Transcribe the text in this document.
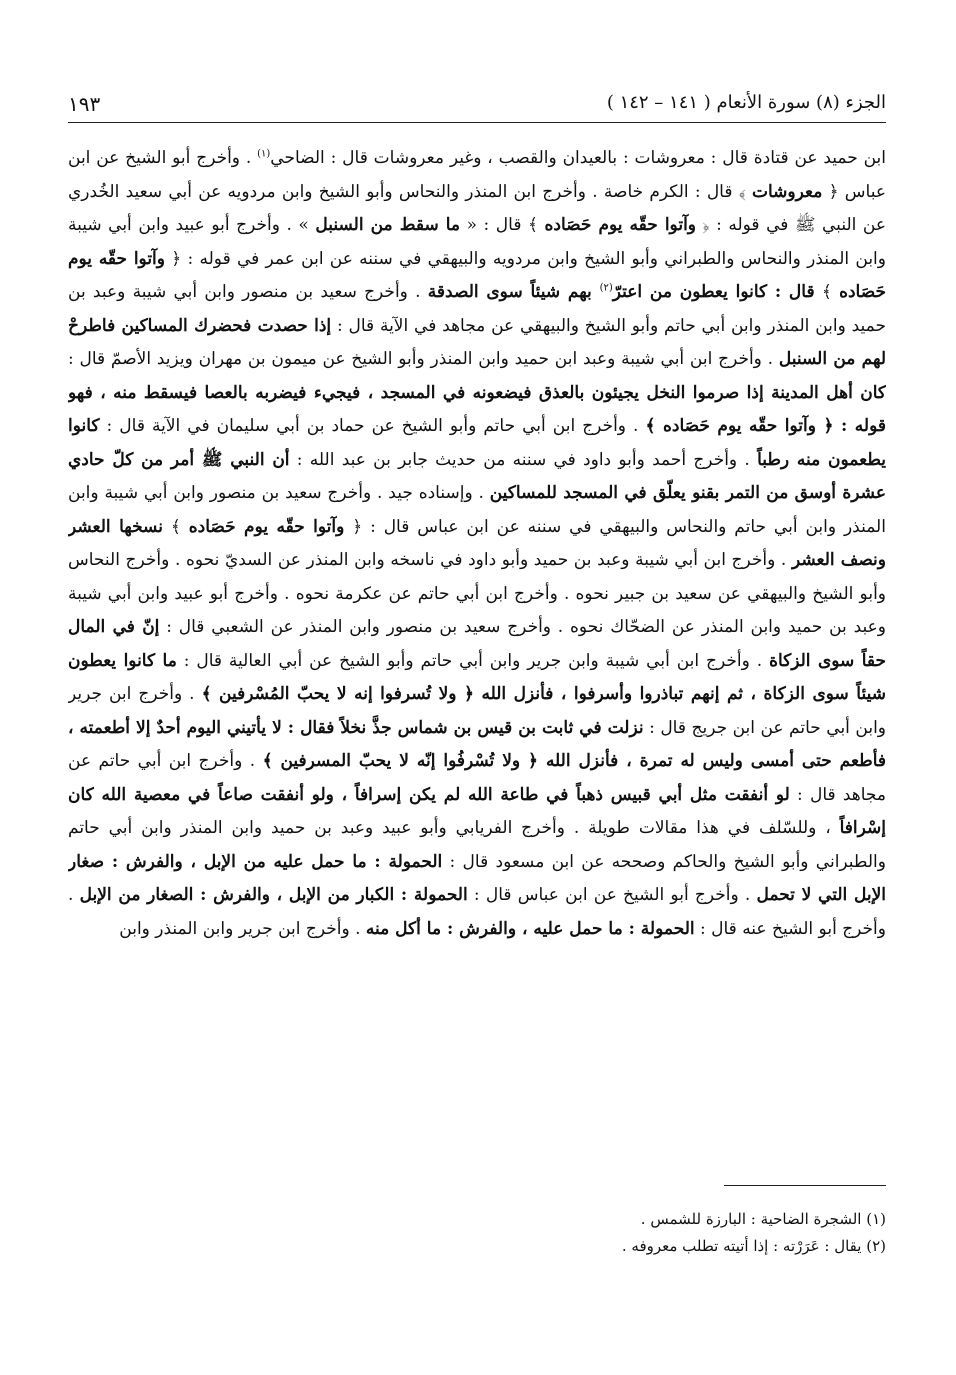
الجزء (٨) سورة الأنعام ( ١٤١ – ١٤٢ )
١٩٣
ابن حميد عن قتادة قال : معروشات : بالعيدان والقصب ، وغير معروشات قال : الضاحي$^{(١)}$ . وأخرج أبو الشيخ عن ابن عباس ﴿ معروشات ﴾ قال : الكرم خاصة . وأخرج ابن المنذر والنحاس وأبو الشيخ وابن مردويه عن أبي سعيد الخُدري عن النبي ﷺ في قوله : ﴿ وآتوا حقّه يوم حَصَاده ﴾ قال : « ما سقط من السنبل » . وأخرج أبو عبيد وابن أبي شيبة وابن المنذر والنحاس والطبراني وأبو الشيخ وابن مردويه والبيهقي في سننه عن ابن عمر في قوله : ﴿ وآتوا حقّه يوم حَصَاده ﴾ قال : كانوا يعطون من اعترّ$^{(٢)}$ بهم شيئاً سوى الصدقة . وأخرج سعيد بن منصور وابن أبي شيبة وعبد بن حميد وابن المنذر وابن أبي حاتم وأبو الشيخ والبيهقي عن مجاهد في الآية قال : إذا حصدت فحضرك المساكين فاطرحْ لهم من السنبل . وأخرج ابن أبي شيبة وعبد ابن حميد وابن المنذر وأبو الشيخ عن ميمون بن مهران ويزيد الأصمّ قال : كان أهل المدينة إذا صرموا النخل يجيئون بالعذق فيضعونه في المسجد ، فيجيء فيضربه بالعصا فيسقط منه ، فهو قوله : ﴿ وآتوا حقّه يوم حَصَاده ﴾ . وأخرج ابن أبي حاتم وأبو الشيخ عن حماد بن أبي سليمان في الآية قال : كانوا يطعمون منه رطباً . وأخرج أحمد وأبو داود في سننه من حديث جابر بن عبد الله : أن النبي ﷺ أمر من كلّ حادي عشرة أوسق من التمر بقنو يعلّق في المسجد للمساكين . وإسناده جيد . وأخرج سعيد بن منصور وابن أبي شيبة وابن المنذر وابن أبي حاتم والنحاس والبيهقي في سننه عن ابن عباس قال : ﴿ وآتوا حقّه يوم حَصَاده ﴾ نسخها العشر ونصف العشر . وأخرج ابن أبي شيبة وعبد بن حميد وأبو داود في ناسخه وابن المنذر عن السديّ نحوه . وأخرج النحاس وأبو الشيخ والبيهقي عن سعيد بن جبير نحوه . وأخرج ابن أبي حاتم عن عكرمة نحوه . وأخرج أبو عبيد وابن أبي شيبة وعبد بن حميد وابن المنذر عن الضحّاك نحوه . وأخرج سعيد بن منصور وابن المنذر عن الشعبي قال : إنّ في المال حقاً سوى الزكاة . وأخرج ابن أبي شيبة وابن جرير وابن أبي حاتم وأبو الشيخ عن أبي العالية قال : ما كانوا يعطون شيئاً سوى الزكاة ، ثم إنهم تباذروا وأسرفوا ، فأنزل الله ﴿ ولا تُسرفوا إنه لا يحبّ المُسْرفين ﴾ . وأخرج ابن جرير وابن أبي حاتم عن ابن جريج قال : نزلت في ثابت بن قيس بن شماس جذَّ نخلاً فقال : لا يأتيني اليوم أحدٌ إلا أطعمته ، فأطعم حتى أمسى وليس له تمرة ، فأنزل الله ﴿ ولا تُسْرفُوا إنّه لا يحبّ المسرفين ﴾ . وأخرج ابن أبي حاتم عن مجاهد قال : لو أنفقت مثل أبي قبيس ذهباً في طاعة الله لم يكن إسرافاً ، ولو أنفقت صاعاً في معصية الله كان إسْرافاً ، وللسّلف في هذا مقالات طويلة . وأخرج الفريابي وأبو عبيد وعبد بن حميد وابن المنذر وابن أبي حاتم والطبراني وأبو الشيخ والحاكم وصححه عن ابن مسعود قال : الحمولة : ما حمل عليه من الإبل ، والفرش : صغار الإبل التي لا تحمل . وأخرج أبو الشيخ عن ابن عباس قال : الحمولة : الكبار من الإبل ، والفرش : الصغار من الإبل . وأخرج أبو الشيخ عنه قال : الحمولة : ما حمل عليه ، والفرش : ما أكل منه . وأخرج ابن جرير وابن المنذر وابن
(١) الشجرة الضاحية : البارزة للشمس .
(٢) يقال : عَرَرْته : إذا أتيته تطلب معروفه .
